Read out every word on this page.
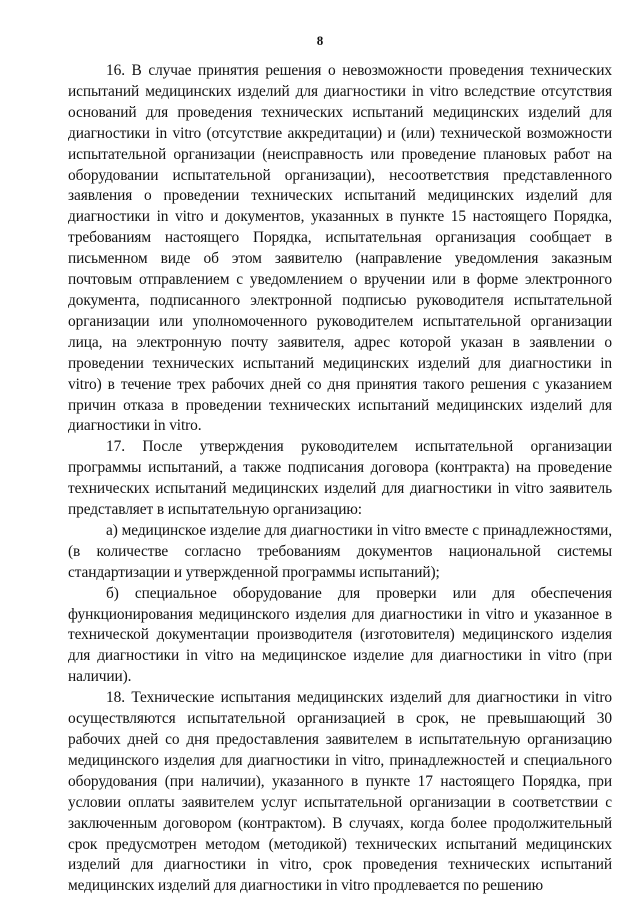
8

16. В случае принятия решения о невозможности проведения технических испытаний медицинских изделий для диагностики in vitro вследствие отсутствия оснований для проведения технических испытаний медицинских изделий для диагностики in vitro (отсутствие аккредитации) и (или) технической возможности испытательной организации (неисправность или проведение плановых работ на оборудовании испытательной организации), несоответствия представленного заявления о проведении технических испытаний медицинских изделий для диагностики in vitro и документов, указанных в пункте 15 настоящего Порядка, требованиям настоящего Порядка, испытательная организация сообщает в письменном виде об этом заявителю (направление уведомления заказным почтовым отправлением с уведомлением о вручении или в форме электронного документа, подписанного электронной подписью руководителя испытательной организации или уполномоченного руководителем испытательной организации лица, на электронную почту заявителя, адрес которой указан в заявлении о проведении технических испытаний медицинских изделий для диагностики in vitro) в течение трех рабочих дней со дня принятия такого решения с указанием причин отказа в проведении технических испытаний медицинских изделий для диагностики in vitro.

17. После утверждения руководителем испытательной организации программы испытаний, а также подписания договора (контракта) на проведение технических испытаний медицинских изделий для диагностики in vitro заявитель представляет в испытательную организацию:

а) медицинское изделие для диагностики in vitro вместе с принадлежностями, (в количестве согласно требованиям документов национальной системы стандартизации и утвержденной программы испытаний);

б) специальное оборудование для проверки или для обеспечения функционирования медицинского изделия для диагностики in vitro и указанное в технической документации производителя (изготовителя) медицинского изделия для диагностики in vitro на медицинское изделие для диагностики in vitro (при наличии).

18. Технические испытания медицинских изделий для диагностики in vitro осуществляются испытательной организацией в срок, не превышающий 30 рабочих дней со дня предоставления заявителем в испытательную организацию медицинского изделия для диагностики in vitro, принадлежностей и специального оборудования (при наличии), указанного в пункте 17 настоящего Порядка, при условии оплаты заявителем услуг испытательной организации в соответствии с заключенным договором (контрактом). В случаях, когда более продолжительный срок предусмотрен методом (методикой) технических испытаний медицинских изделий для диагностики in vitro, срок проведения технических испытаний медицинских изделий для диагностики in vitro продлевается по решению
